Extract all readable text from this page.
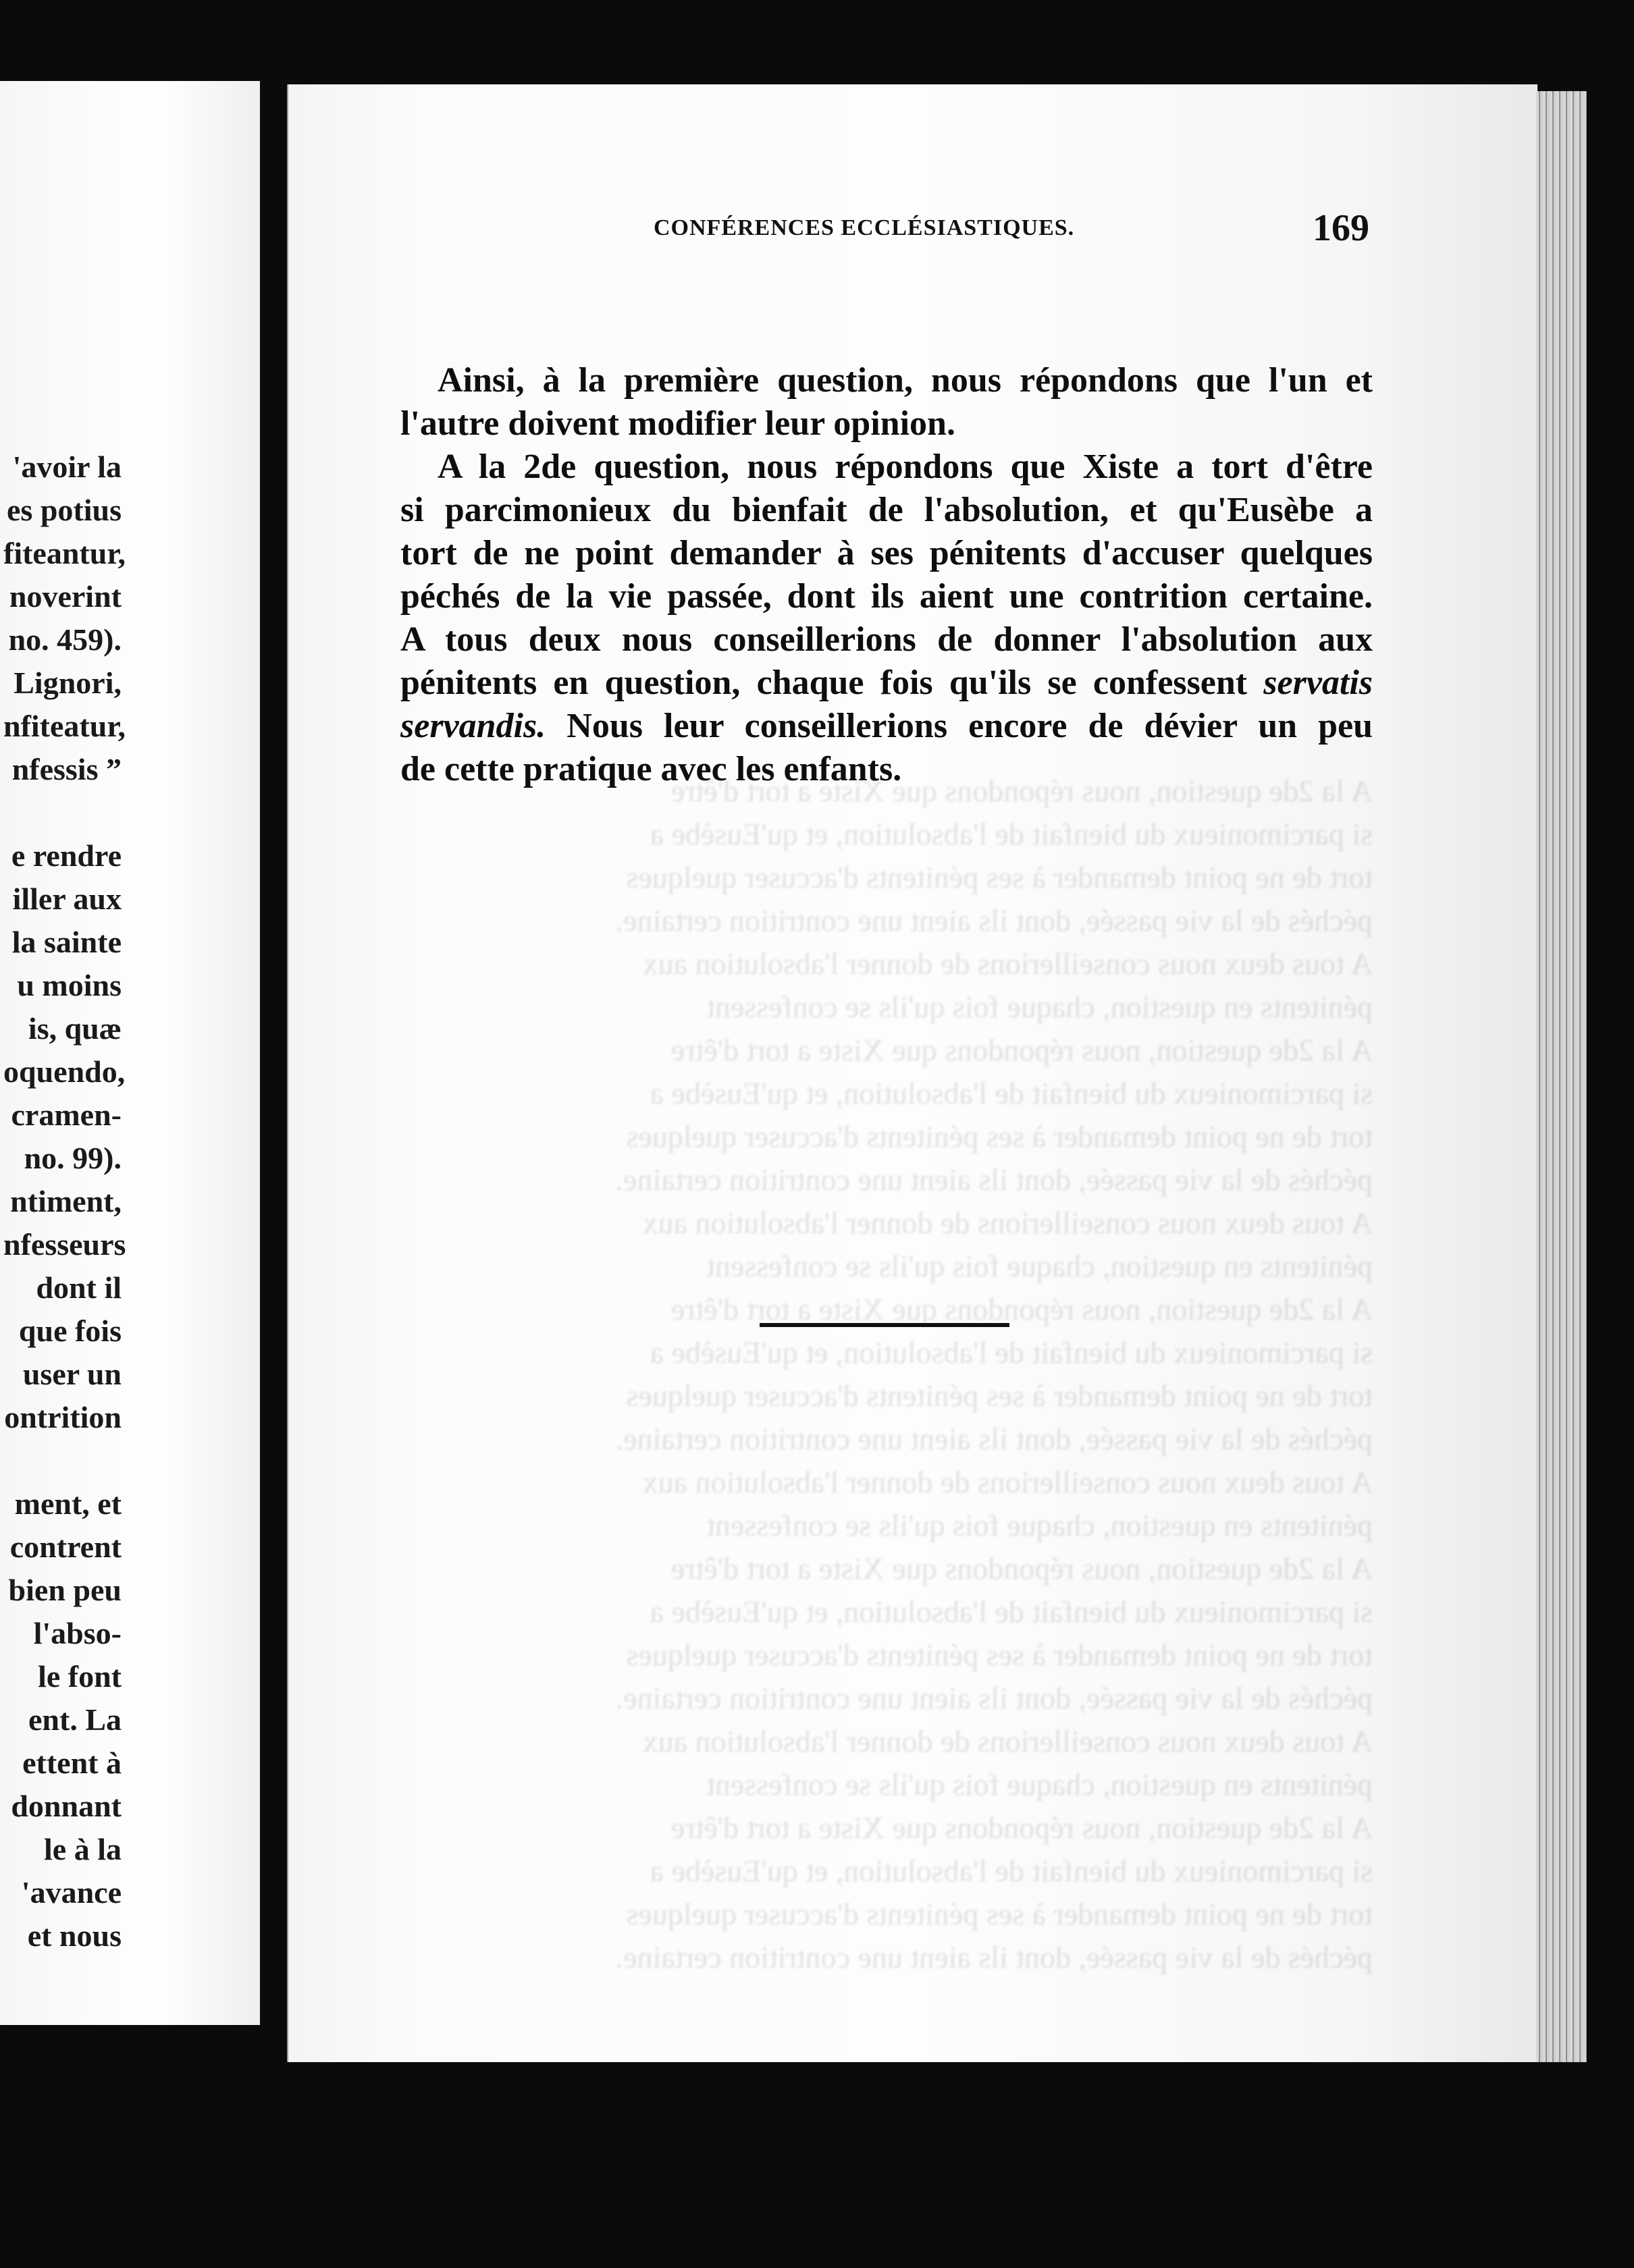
'avoir la
es potius
fiteantur,
noverint
no. 459).
Lignori,
nfiteatur,
nfessis ”
e rendre
iller aux
la sainte
u moins
is, quæ
oquendo,
cramen-
no. 99).
ntiment,
nfesseurs
dont il
que fois
user un
ontrition
ment, et
contrent
bien peu
l'abso-
le font
ent. La
ettent à
donnant
le à la
'avance
et nous
CONFÉRENCES ECCLÉSIASTIQUES.	169
Ainsi, à la première question, nous répondons que l'un et
l'autre doivent modifier leur opinion.
A la 2de question, nous répondons que Xiste a tort d'être
si parcimonieux du bienfait de l'absolution, et qu'Eusèbe a
tort de ne point demander à ses pénitents d'accuser quelques
péchés de la vie passée, dont ils aient une contrition certaine.
A tous deux nous conseillerions de donner l'absolution aux
pénitents en question, chaque fois qu'ils se confessent servatis
servandis. Nous leur conseillerions encore de dévier un peu
de cette pratique avec les enfants.
A la 2de question, nous répondons que Xiste a tort d'être
si parcimonieux du bienfait de l'absolution, et qu'Eusèbe a
tort de ne point demander à ses pénitents d'accuser quelques
péchés de la vie passée, dont ils aient une contrition certaine.
A tous deux nous conseillerions de donner l'absolution aux
pénitents en question, chaque fois qu'ils se confessent
A la 2de question, nous répondons que Xiste a tort d'être
si parcimonieux du bienfait de l'absolution, et qu'Eusèbe a
tort de ne point demander à ses pénitents d'accuser quelques
péchés de la vie passée, dont ils aient une contrition certaine.
A tous deux nous conseillerions de donner l'absolution aux
pénitents en question, chaque fois qu'ils se confessent
A la 2de question, nous répondons que Xiste a tort d'être
si parcimonieux du bienfait de l'absolution, et qu'Eusèbe a
tort de ne point demander à ses pénitents d'accuser quelques
péchés de la vie passée, dont ils aient une contrition certaine.
A tous deux nous conseillerions de donner l'absolution aux
pénitents en question, chaque fois qu'ils se confessent
A la 2de question, nous répondons que Xiste a tort d'être
si parcimonieux du bienfait de l'absolution, et qu'Eusèbe a
tort de ne point demander à ses pénitents d'accuser quelques
péchés de la vie passée, dont ils aient une contrition certaine.
A tous deux nous conseillerions de donner l'absolution aux
pénitents en question, chaque fois qu'ils se confessent
A la 2de question, nous répondons que Xiste a tort d'être
si parcimonieux du bienfait de l'absolution, et qu'Eusèbe a
tort de ne point demander à ses pénitents d'accuser quelques
péchés de la vie passée, dont ils aient une contrition certaine.
